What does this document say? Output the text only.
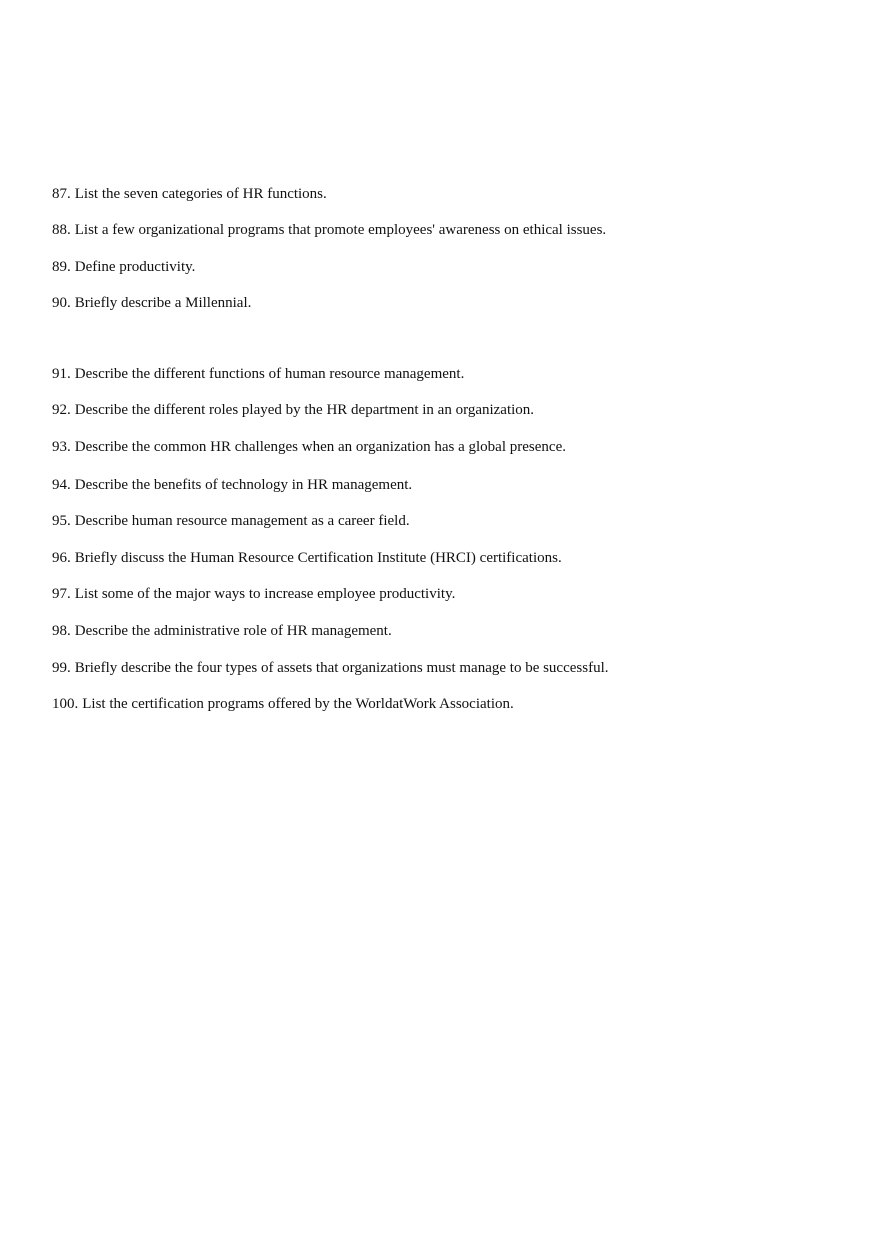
87. List the seven categories of HR functions.
88. List a few organizational programs that promote employees' awareness on ethical issues.
89. Define productivity.
90. Briefly describe a Millennial.
91. Describe the different functions of human resource management.
92. Describe the different roles played by the HR department in an organization.
93. Describe the common HR challenges when an organization has a global presence.
94. Describe the benefits of technology in HR management.
95. Describe human resource management as a career field.
96. Briefly discuss the Human Resource Certification Institute (HRCI) certifications.
97. List some of the major ways to increase employee productivity.
98. Describe the administrative role of HR management.
99. Briefly describe the four types of assets that organizations must manage to be successful.
100. List the certification programs offered by the WorldatWork Association.
